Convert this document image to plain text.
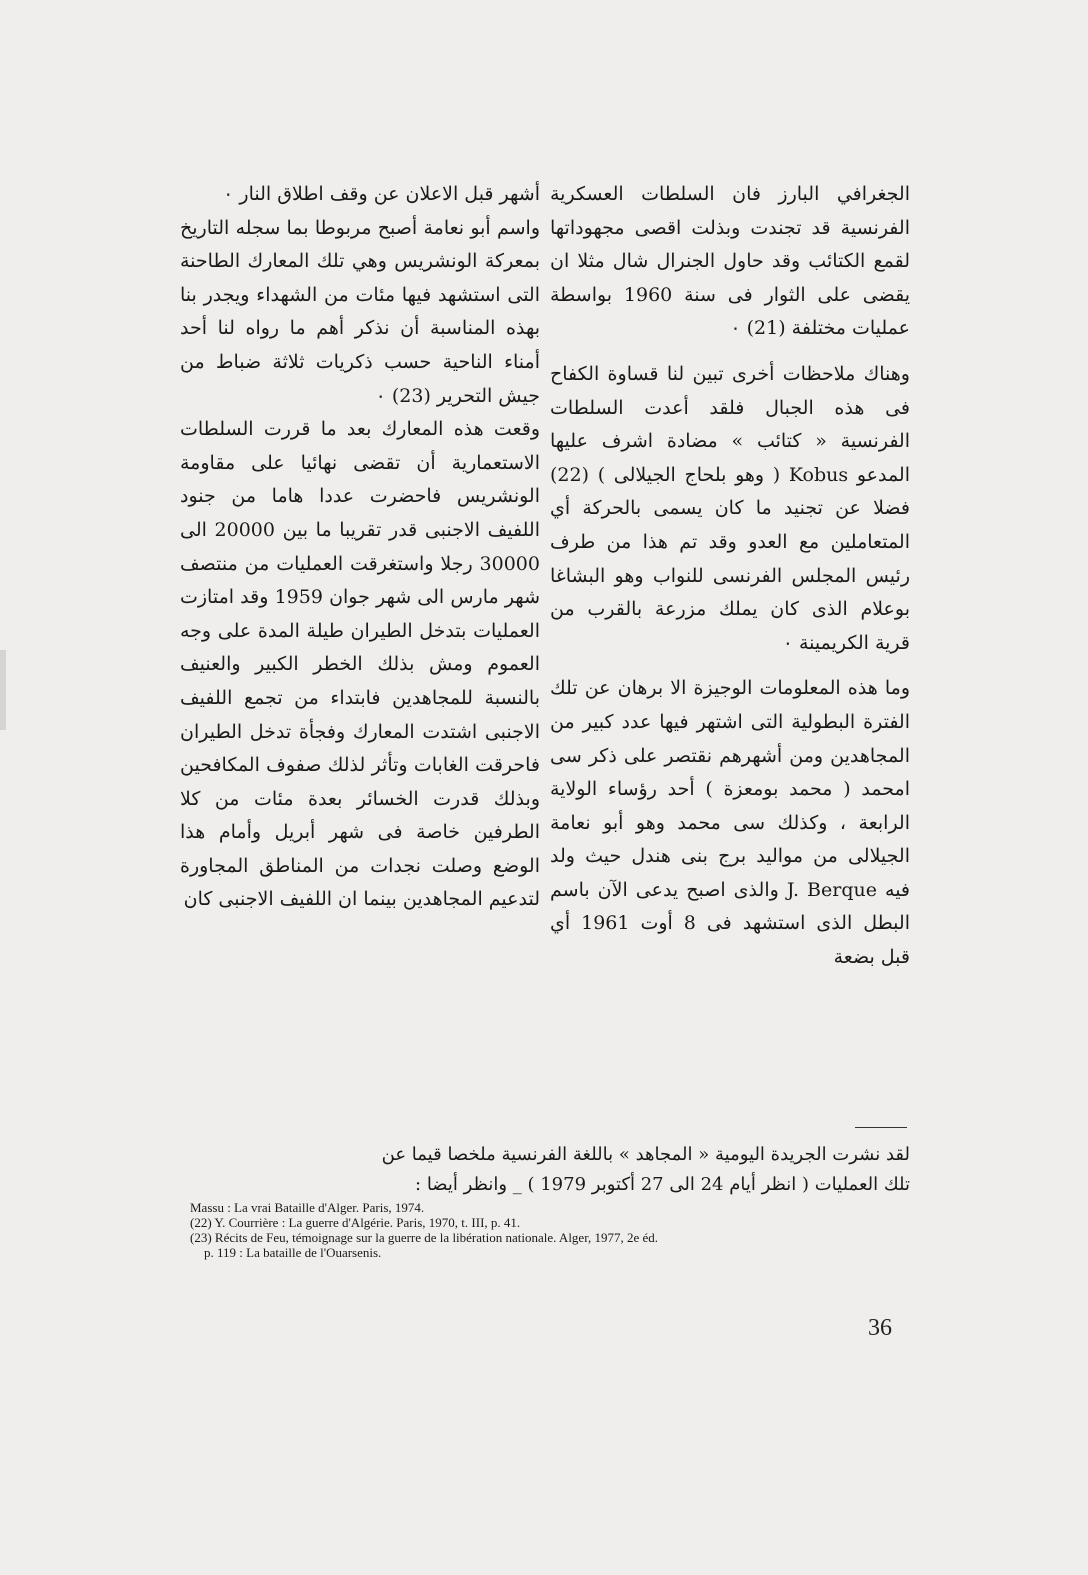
الجغرافي البارز فان السلطات العسكرية الفرنسية قد تجندت وبذلت اقصى مجهوداتها لقمع الكتائب وقد حاول الجنرال شال مثلا ان يقضى على الثوار فى سنة 1960 بواسطة عمليات مختلفة (21) ٠

وهناك ملاحظات أخرى تبين لنا قساوة الكفاح فى هذه الجبال فلقد أعدت السلطات الفرنسية « كتائب » مضادة اشرف عليها المدعو Kobus ( وهو بلحاج الجيلالى ) (22) فضلا عن تجنيد ما كان يسمى بالحركة أي المتعاملين مع العدو وقد تم هذا من طرف رئيس المجلس الفرنسى للنواب وهو البشاغا بوعلام الذى كان يملك مزرعة بالقرب من قرية الكريمينة ٠

وما هذه المعلومات الوجيزة الا برهان عن تلك الفترة البطولية التى اشتهر فيها عدد كبير من المجاهدين ومن أشهرهم نقتصر على ذكر سى امحمد ( محمد بومعزة ) أحد رؤساء الولاية الرابعة ، وكذلك سى محمد وهو أبو نعامة الجيلالى من مواليد برج بنى هندل حيث ولد فيه J. Berque والذى اصبح يدعى الآن باسم البطل الذى استشهد فى 8 أوت 1961 أي قبل بضعة

أشهر قبل الاعلان عن وقف اطلاق النار ٠

واسم أبو نعامة أصبح مربوطا بما سجله التاريخ بمعركة الونشريس وهي تلك المعارك الطاحنة التى استشهد فيها مئات من الشهداء ويجدر بنا بهذه المناسبة أن نذكر أهم ما رواه لنا أحد أمناء الناحية حسب ذكريات ثلاثة ضباط من جيش التحرير (23) ٠

وقعت هذه المعارك بعد ما قررت السلطات الاستعمارية أن تقضى نهائيا على مقاومة الونشريس فاحضرت عددا هاما من جنود اللفيف الاجنبى قدر تقريبا ما بين 20000 الى 30000 رجلا واستغرقت العمليات من منتصف شهر مارس الى شهر جوان 1959 وقد امتازت العمليات بتدخل الطيران طيلة المدة على وجه العموم ومش بذلك الخطر الكبير والعنيف بالنسبة للمجاهدين فابتداء من تجمع اللفيف الاجنبى اشتدت المعارك وفجأة تدخل الطيران فاحرقت الغابات وتأثر لذلك صفوف المكافحين وبذلك قدرت الخسائر بعدة مئات من كلا الطرفين خاصة فى شهر أبريل وأمام هذا الوضع وصلت نجدات من المناطق المجاورة لتدعيم المجاهدين بينما ان اللفيف الاجنبى كان

لقد نشرت الجريدة اليومية « المجاهد » باللغة الفرنسية ملخصا قيما عن

تلك العمليات ( انظر أيام 24 الى 27 أكتوبر 1979 ) _ وانظر أيضا :

Massu : La vrai Bataille d'Alger. Paris, 1974.

(22) Y. Courrière : La guerre d'Algérie. Paris, 1970, t. III, p. 41.

(23) Récits de Feu, témoignage sur la guerre de la libération nationale. Alger, 1977, 2e éd.

p. 119 : La bataille de l'Ouarsenis.

36
